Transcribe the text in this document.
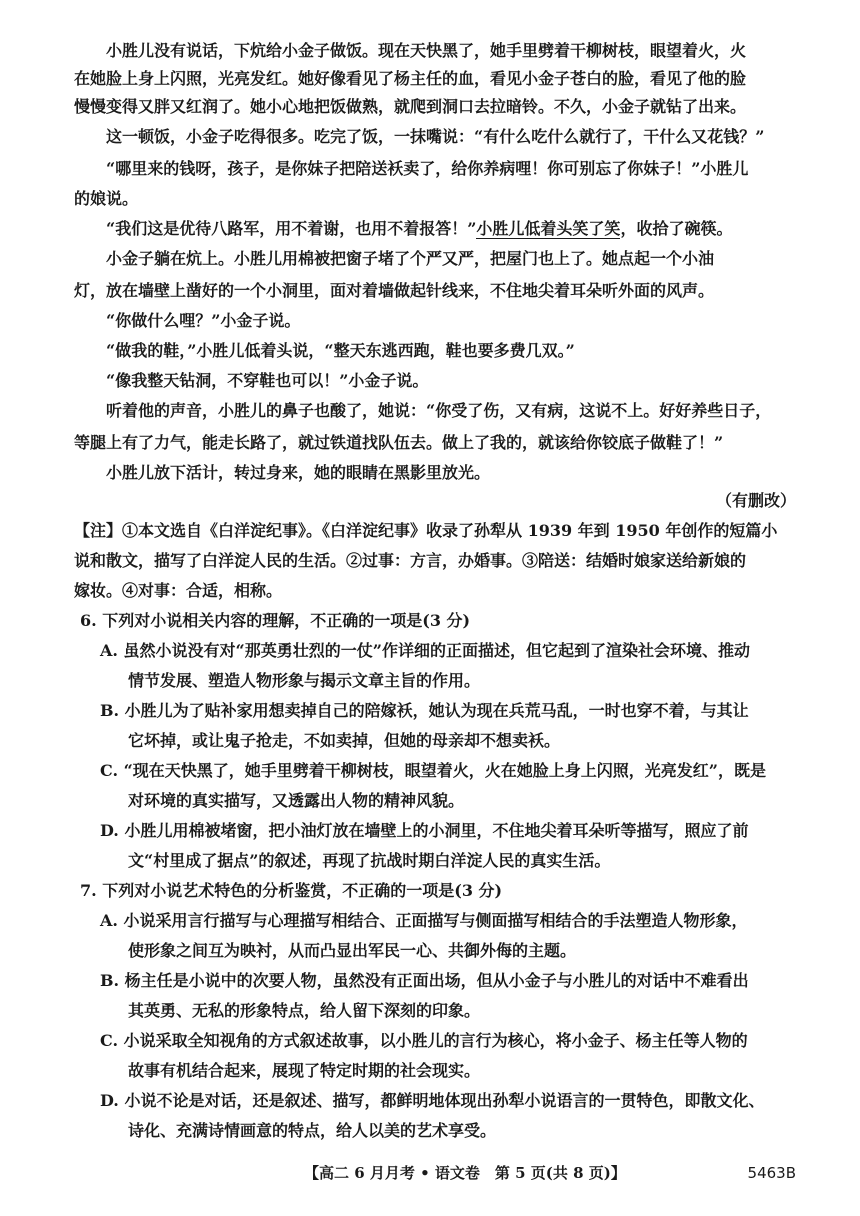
小胜儿没有说话，下炕给小金子做饭。现在天快黑了，她手里劈着干柳树枝，眼望着火，火

在她脸上身上闪照，光亮发红。她好像看见了杨主任的血，看见小金子苍白的脸，看见了他的脸

慢慢变得又胖又红润了。她小心地把饭做熟，就爬到洞口去拉暗铃。不久，小金子就钻了出来。

这一顿饭，小金子吃得很多。吃完了饭，一抹嘴说：“有什么吃什么就行了，干什么又花钱？”

“哪里来的钱呀，孩子，是你妹子把陪送袄卖了，给你养病哩！你可别忘了你妹子！”小胜儿

的娘说。

“我们这是优待八路军，用不着谢，也用不着报答！”小胜儿低着头笑了笑，收拾了碗筷。

小金子躺在炕上。小胜儿用棉被把窗子堵了个严又严，把屋门也上了。她点起一个小油

灯，放在墙壁上凿好的一个小洞里，面对着墙做起针线来，不住地尖着耳朵听外面的风声。

“你做什么哩？”小金子说。

“做我的鞋，”小胜儿低着头说，“整天东逃西跑，鞋也要多费几双。”

“像我整天钻洞，不穿鞋也可以！”小金子说。

听着他的声音，小胜儿的鼻子也酸了，她说：“你受了伤，又有病，这说不上。好好养些日子，

等腿上有了力气，能走长路了，就过铁道找队伍去。做上了我的，就该给你铰底子做鞋了！”

小胜儿放下活计，转过身来，她的眼睛在黑影里放光。

（有删改）

【注】①本文选自《白洋淀纪事》。《白洋淀纪事》收录了孙犁从 1939 年到 1950 年创作的短篇小

说和散文，描写了白洋淀人民的生活。②过事：方言，办婚事。③陪送：结婚时娘家送给新娘的

嫁妆。④对事：合适，相称。

6. 下列对小说相关内容的理解，不正确的一项是(3 分)

A. 虽然小说没有对“那英勇壮烈的一仗”作详细的正面描述，但它起到了渲染社会环境、推动

情节发展、塑造人物形象与揭示文章主旨的作用。

B. 小胜儿为了贴补家用想卖掉自己的陪嫁袄，她认为现在兵荒马乱，一时也穿不着，与其让

它坏掉，或让鬼子抢走，不如卖掉，但她的母亲却不想卖袄。

C. “现在天快黑了，她手里劈着干柳树枝，眼望着火，火在她脸上身上闪照，光亮发红”，既是

对环境的真实描写，又透露出人物的精神风貌。

D. 小胜儿用棉被堵窗，把小油灯放在墙壁上的小洞里，不住地尖着耳朵听等描写，照应了前

文“村里成了据点”的叙述，再现了抗战时期白洋淀人民的真实生活。

7. 下列对小说艺术特色的分析鉴赏，不正确的一项是(3 分)

A. 小说采用言行描写与心理描写相结合、正面描写与侧面描写相结合的手法塑造人物形象，

使形象之间互为映衬，从而凸显出军民一心、共御外侮的主题。

B. 杨主任是小说中的次要人物，虽然没有正面出场，但从小金子与小胜儿的对话中不难看出

其英勇、无私的形象特点，给人留下深刻的印象。

C. 小说采取全知视角的方式叙述故事，以小胜儿的言行为核心，将小金子、杨主任等人物的

故事有机结合起来，展现了特定时期的社会现实。

D. 小说不论是对话，还是叙述、描写，都鲜明地体现出孙犁小说语言的一贯特色，即散文化、

诗化、充满诗情画意的特点，给人以美的艺术享受。

【高二 6 月月考 • 语文卷　第 5 页(共 8 页)】	5463B
